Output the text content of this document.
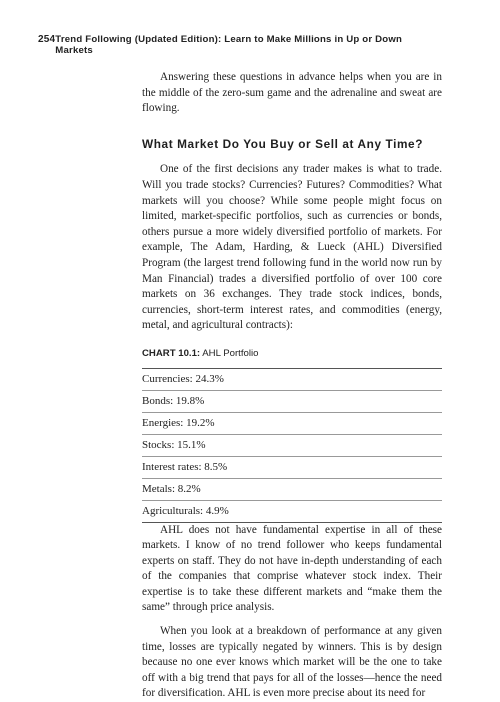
254 Trend Following (Updated Edition): Learn to Make Millions in Up or Down Markets

Answering these questions in advance helps when you are in the middle of the zero-sum game and the adrenaline and sweat are flowing.

What Market Do You Buy or Sell at Any Time?

One of the first decisions any trader makes is what to trade. Will you trade stocks? Currencies? Futures? Commodities? What markets will you choose? While some people might focus on limited, market-specific portfolios, such as currencies or bonds, others pursue a more widely diversified portfolio of markets. For example, The Adam, Harding, & Lueck (AHL) Diversified Program (the largest trend following fund in the world now run by Man Financial) trades a diversified portfolio of over 100 core markets on 36 exchanges. They trade stock indices, bonds, currencies, short-term interest rates, and commodities (energy, metal, and agricultural contracts):

CHART 10.1: AHL Portfolio
Currencies: 24.3%
Bonds: 19.8%
Energies: 19.2%
Stocks: 15.1%
Interest rates: 8.5%
Metals: 8.2%
Agriculturals: 4.9%

AHL does not have fundamental expertise in all of these markets. I know of no trend follower who keeps fundamental experts on staff. They do not have in-depth understanding of each of the companies that comprise whatever stock index. Their expertise is to take these different markets and “make them the same” through price analysis.

When you look at a breakdown of performance at any given time, losses are typically negated by winners. This is by design because no one ever knows which market will be the one to take off with a big trend that pays for all of the losses—hence the need for diversification. AHL is even more precise about its need for
